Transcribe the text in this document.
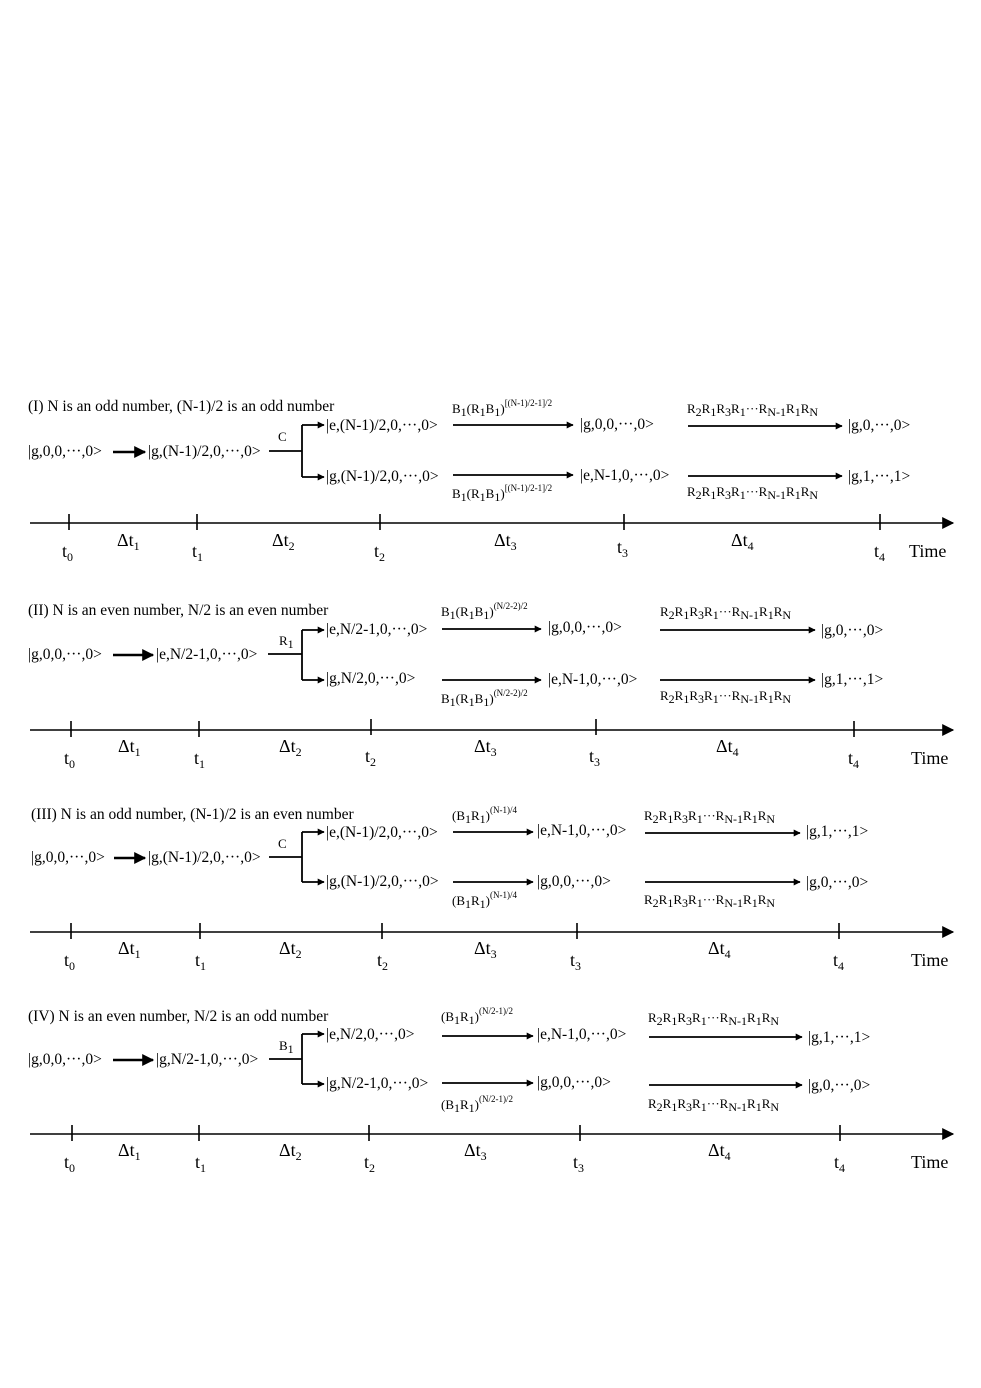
(I) N is an odd number, (N-1)/2 is an odd number
|g,0,0,···,0>	|g,(N-1)/2,0,···,0>
C
|e,(N-1)/2,0,···,0>
|g,(N-1)/2,0,···,0>
$B1(R1B1)^{[(N-1)/2-1]/2}$
$B1(R1B1)^{[(N-1)/2-1]/2}$
|g,0,0,···,0>
|e,N-1,0,···,0>
R2R1R3R1···RN-1R1RN
R2R1R3R1···RN-1R1RN
|g,0,···,0>
|g,1,···,1>
$t_0$	$t_1$	$t_2$	$t_3$	$t_4$
$\Delta t_1$	$\Delta t_2$	$\Delta t_3$	$\Delta t_4$	Time
(II) N is an even number, N/2 is an even number
|g,0,0,···,0>	|e,N/2-1,0,···,0>
R1
|e,N/2-1,0,···,0>
|g,N/2,0,···,0>
$B1(R1B1)^{(N/2-2)/2}$
$B1(R1B1)^{(N/2-2)/2}$
|g,0,0,···,0>
|e,N-1,0,···,0>
R2R1R3R1···RN-1R1RN
R2R1R3R1···RN-1R1RN
|g,0,···,0>
|g,1,···,1>
$t_0$	$t_1$	$t_2$	$t_3$	$t_4$
$\Delta t_1$	$\Delta t_2$	$\Delta t_3$	$\Delta t_4$	Time
(III) N is an odd number, (N-1)/2 is an even number
|g,0,0,···,0>	|g,(N-1)/2,0,···,0>
C
|e,(N-1)/2,0,···,0>
|g,(N-1)/2,0,···,0>
$(B1R1)^{(N-1)/4}$
$(B1R1)^{(N-1)/4}$
|e,N-1,0,···,0>
|g,0,0,···,0>
R2R1R3R1···RN-1R1RN
R2R1R3R1···RN-1R1RN
|g,1,···,1>
|g,0,···,0>
$t_0$	$t_1$	$t_2$	$t_3$	$t_4$
$\Delta t_1$	$\Delta t_2$	$\Delta t_3$	$\Delta t_4$	Time
(IV) N is an even number, N/2 is an odd number
|g,0,0,···,0>	|g,N/2-1,0,···,0>
B1
|e,N/2,0,···,0>
|g,N/2-1,0,···,0>
$(B1R1)^{(N/2-1)/2}$
$(B1R1)^{(N/2-1)/2}$
|e,N-1,0,···,0>
|g,0,0,···,0>
R2R1R3R1···RN-1R1RN
R2R1R3R1···RN-1R1RN
|g,1,···,1>
|g,0,···,0>
$t_0$	$t_1$	$t_2$	$t_3$	$t_4$
$\Delta t_1$	$\Delta t_2$	$\Delta t_3$	$\Delta t_4$	Time
